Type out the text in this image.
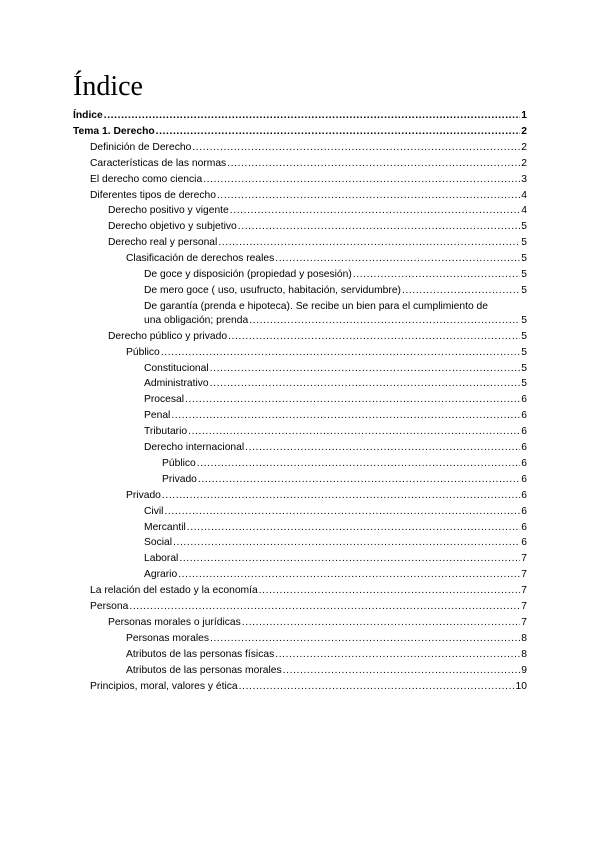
Índice
Índice .....	1
Tema 1. Derecho .....	2
Definición de Derecho .....	2
Características de las normas .....	2
El derecho como ciencia .....	3
Diferentes tipos de derecho .....	4
Derecho positivo y vigente .....	4
Derecho objetivo y subjetivo .....	5
Derecho real y personal .....	5
Clasificación de derechos reales .....	5
De goce y disposición (propiedad y posesión) .....	5
De mero goce ( uso, usufructo, habitación, servidumbre) .....	5
De garantía (prenda e hipoteca). Se recibe un bien para el cumplimiento de
una obligación; prenda .....	5
Derecho público y privado .....	5
Público .....	5
Constitucional .....	5
Administrativo .....	5
Procesal .....	6
Penal .....	6
Tributario .....	6
Derecho internacional .....	6
Público .....	6
Privado .....	6
Privado .....	6
Civil .....	6
Mercantil .....	6
Social .....	6
Laboral .....	7
Agrario .....	7
La relación del estado y la economía .....	7
Persona .....	7
Personas morales o jurídicas .....	7
Personas morales .....	8
Atributos de las personas físicas .....	8
Atributos de las personas morales .....	9
Principios, moral, valores y ética .....	10
